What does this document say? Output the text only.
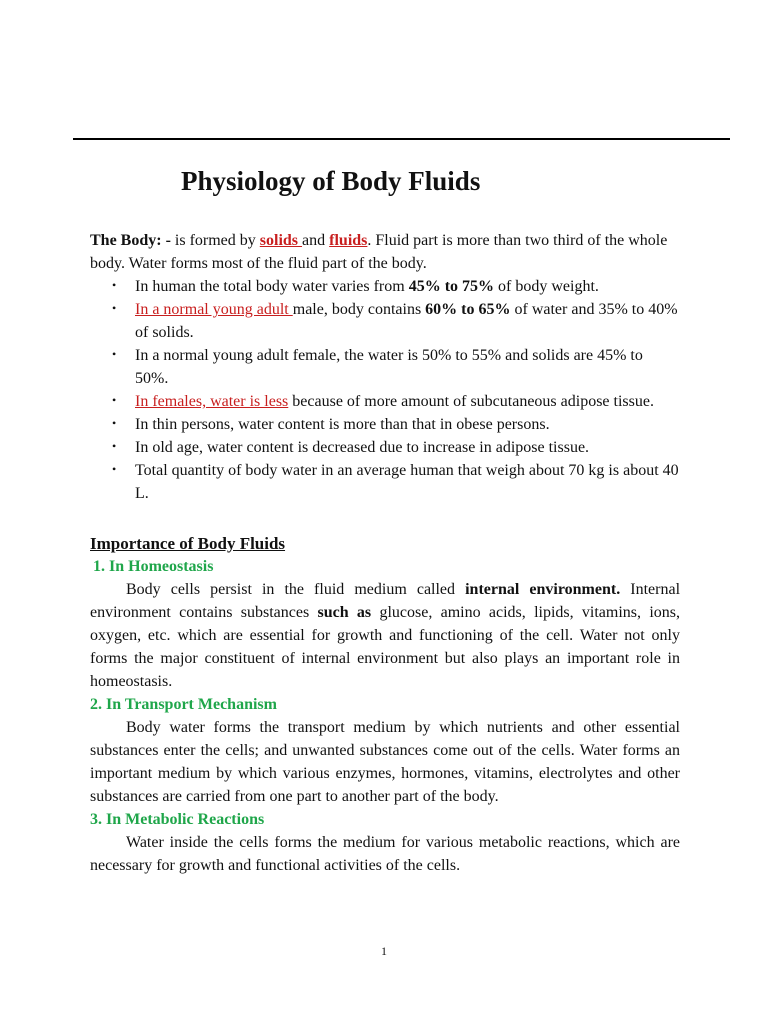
Physiology of Body Fluids

The Body: - is formed by solids and fluids. Fluid part is more than two third of the whole body. Water forms most of the fluid part of the body.

• In human the total body water varies from 45% to 75% of body weight.
• In a normal young adult male, body contains 60% to 65% of water and 35% to 40% of solids.
• In a normal young adult female, the water is 50% to 55% and solids are 45% to 50%.
• In females, water is less because of more amount of subcutaneous adipose tissue.
• In thin persons, water content is more than that in obese persons.
• In old age, water content is decreased due to increase in adipose tissue.
• Total quantity of body water in an average human that weigh about 70 kg is about 40 L.

Importance of Body Fluids

1. In Homeostasis

Body cells persist in the fluid medium called internal environment. Internal environment contains substances such as glucose, amino acids, lipids, vitamins, ions, oxygen, etc. which are essential for growth and functioning of the cell. Water not only forms the major constituent of internal environment but also plays an important role in homeostasis.

2. In Transport Mechanism

Body water forms the transport medium by which nutrients and other essential substances enter the cells; and unwanted substances come out of the cells. Water forms an important medium by which various enzymes, hormones, vitamins, electrolytes and other substances are carried from one part to another part of the body.

3. In Metabolic Reactions

Water inside the cells forms the medium for various metabolic reactions, which are necessary for growth and functional activities of the cells.

1
